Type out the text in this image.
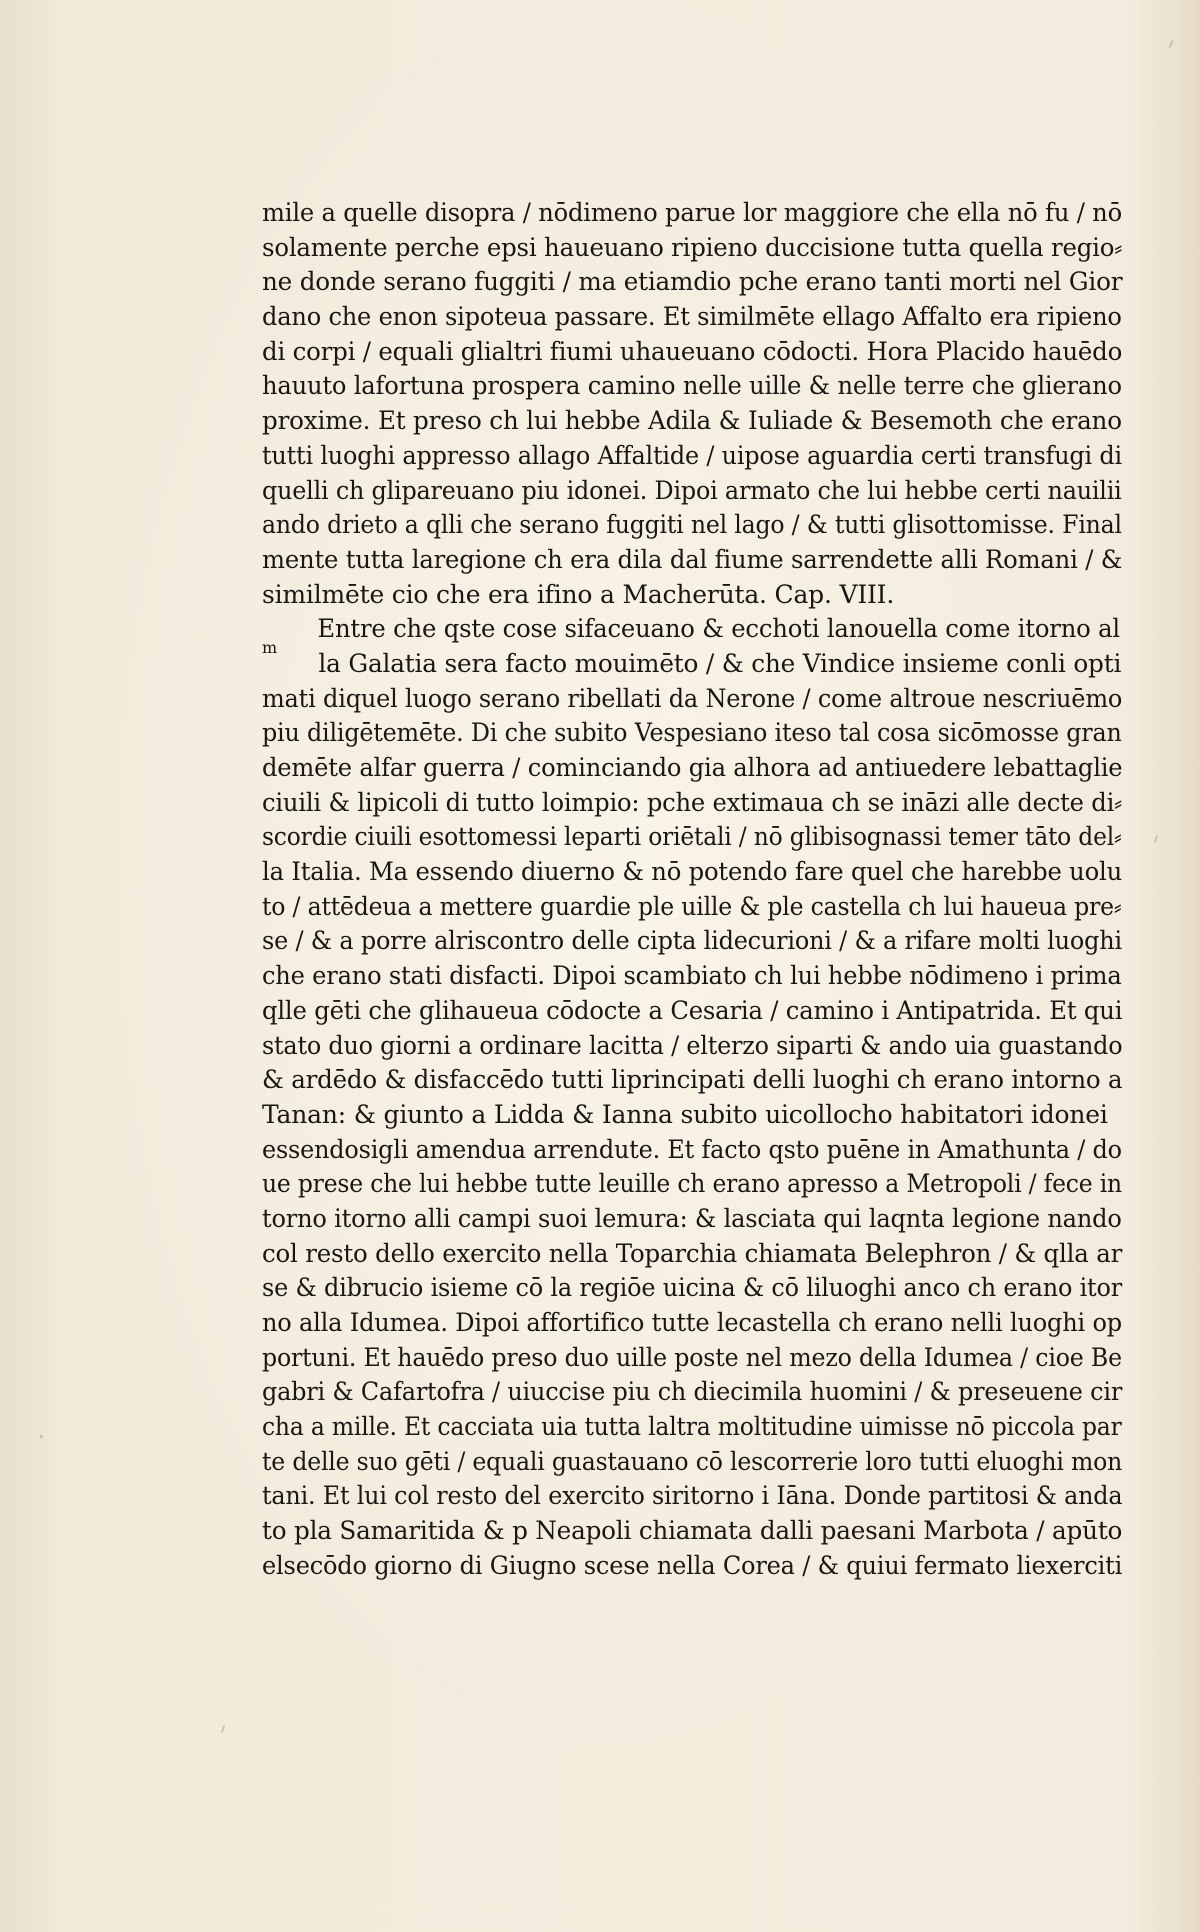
m
mile a quelle disopra / nōdimeno parue lor maggiore che ella nō fu / nō
solamente perche epsi haueuano ripieno duccisione tutta quella regio⸗
ne donde serano fuggiti / ma etiamdio pche erano tanti morti nel Gior
dano che enon sipoteua passare. Et similmēte ellago Affalto era ripieno
di corpi / equali glialtri fiumi uhaueuano cōdocti. Hora Placido hauēdo
hauuto lafortuna prospera camino nelle uille & nelle terre che glierano
proxime. Et preso ch lui hebbe Adila & Iuliade & Besemoth che erano
tutti luoghi appresso allago Affaltide / uipose aguardia certi transfugi di
quelli ch glipareuano piu idonei. Dipoi armato che lui hebbe certi nauilii
ando drieto a qlli che serano fuggiti nel lago / & tutti glisottomisse. Final
mente tutta laregione ch era dila dal fiume sarrendette alli Romani / &
similmēte cio che era ifino a Macherūta. Cap. VIII.
Entre che qste cose sifaceuano & ecchoti lanouella come itorno al
la Galatia sera facto mouimēto / & che Vindice insieme conli opti
mati diquel luogo serano ribellati da Nerone / come altroue nescriuēmo
piu diligētemēte. Di che subito Vespesiano itesο tal cosa sicōmosse gran
demēte alfar guerra / cominciando gia alhora ad antiuedere lebattaglie
ciuili & lipicoli di tutto loimpio: pche extimaua ch se ināzi alle decte di⸗
scordie ciuili esottomessi leparti oriētali / nō glibisognassi temer tāto del⸗
la Italia. Ma essendo diuerno & nō potendo fare quel che harebbe uolu
to / attēdeua a mettere guardie ple uille & ple castella ch lui haueua pre⸗
se / & a porre alriscontro delle cipta lidecurioni / & a rifare molti luoghi
che erano stati disfacti. Dipoi scambiato ch lui hebbe nōdimeno i prima
qlle gēti che glihaueua cōdocte a Cesaria / camino i Antipatrida. Et qui
stato duo giorni a ordinare lacitta / elterzo siparti & ando uia guastando
& ardēdo & disfaccēdo tutti liprincipati delli luoghi ch erano intorno a
Tanan: & giunto a Lidda & Ianna subito uicollocho habitatori idonei
essendosigli amendua arrendute. Et facto qsto puēne in Amathunta / do
ue prese che lui hebbe tutte leuille ch erano apresso a Metropoli / fece in
torno itorno alli campi suoi lemura: & lasciata qui laqnta legione nando
col resto dello exercito nella Toparchia chiamata Belephron / & qlla ar
se & dibrucio isieme cō la regiōe uicina & cō liluoghi anco ch erano itor
no alla Idumea. Dipoi affortifico tutte lecastella ch erano nelli luoghi op
portuni. Et hauēdo preso duo uille poste nel mezo della Idumea / cioe Be
gabri & Cafartofra / uiuccise piu ch diecimila huomini / & preseuene cir
cha a mille. Et cacciata uia tutta laltra moltitudine uimisse nō piccola par
te delle suo gēti / equali guastauano cō lescorrerie loro tutti eluoghi mon
tani. Et lui col resto del exercito siritorno i Iāna. Donde partitosi & anda
to pla Samaritida & p Neapoli chiamata dalli paesani Marbota / apūto
elsecōdo giorno di Giugno scese nella Corea / & quiui fermato liexerciti
